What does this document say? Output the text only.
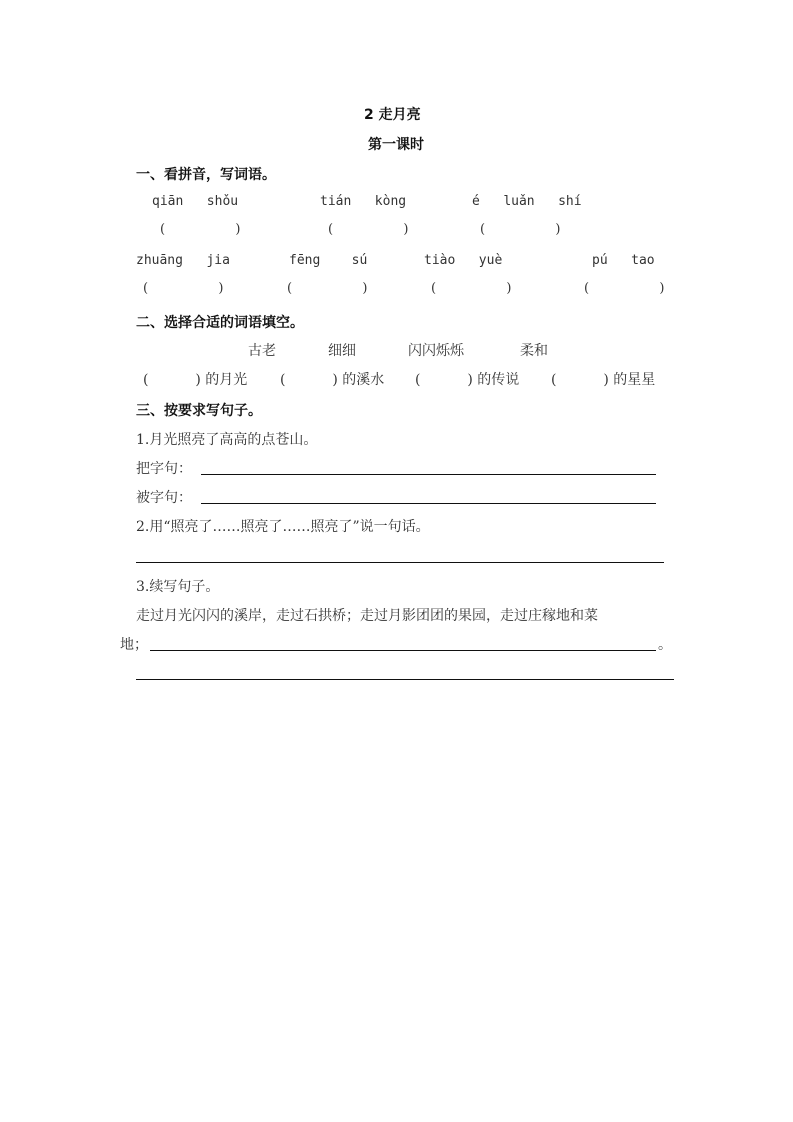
2 走月亮
第一课时
一、看拼音，写词语。
qiān shǒu	tián kòng	é luǎn shí
(	)	(	)	(	)
zhuāng jia	fēng sú	tiào yuè	pú tao
(	)	(	)	(	)	(	)
二、选择合适的词语填空。
古老	细细	闪闪烁烁	柔和
(	) 的月光 (	) 的溪水 (	) 的传说 (	) 的星星
三、按要求写句子。
1.月光照亮了高高的点苍山。
把字句：
被字句：
2.用“照亮了……照亮了……照亮了”说一句话。
3.续写句子。
走过月光闪闪的溪岸，走过石拱桥；走过月影团团的果园，走过庄稼地和菜
地；	。
